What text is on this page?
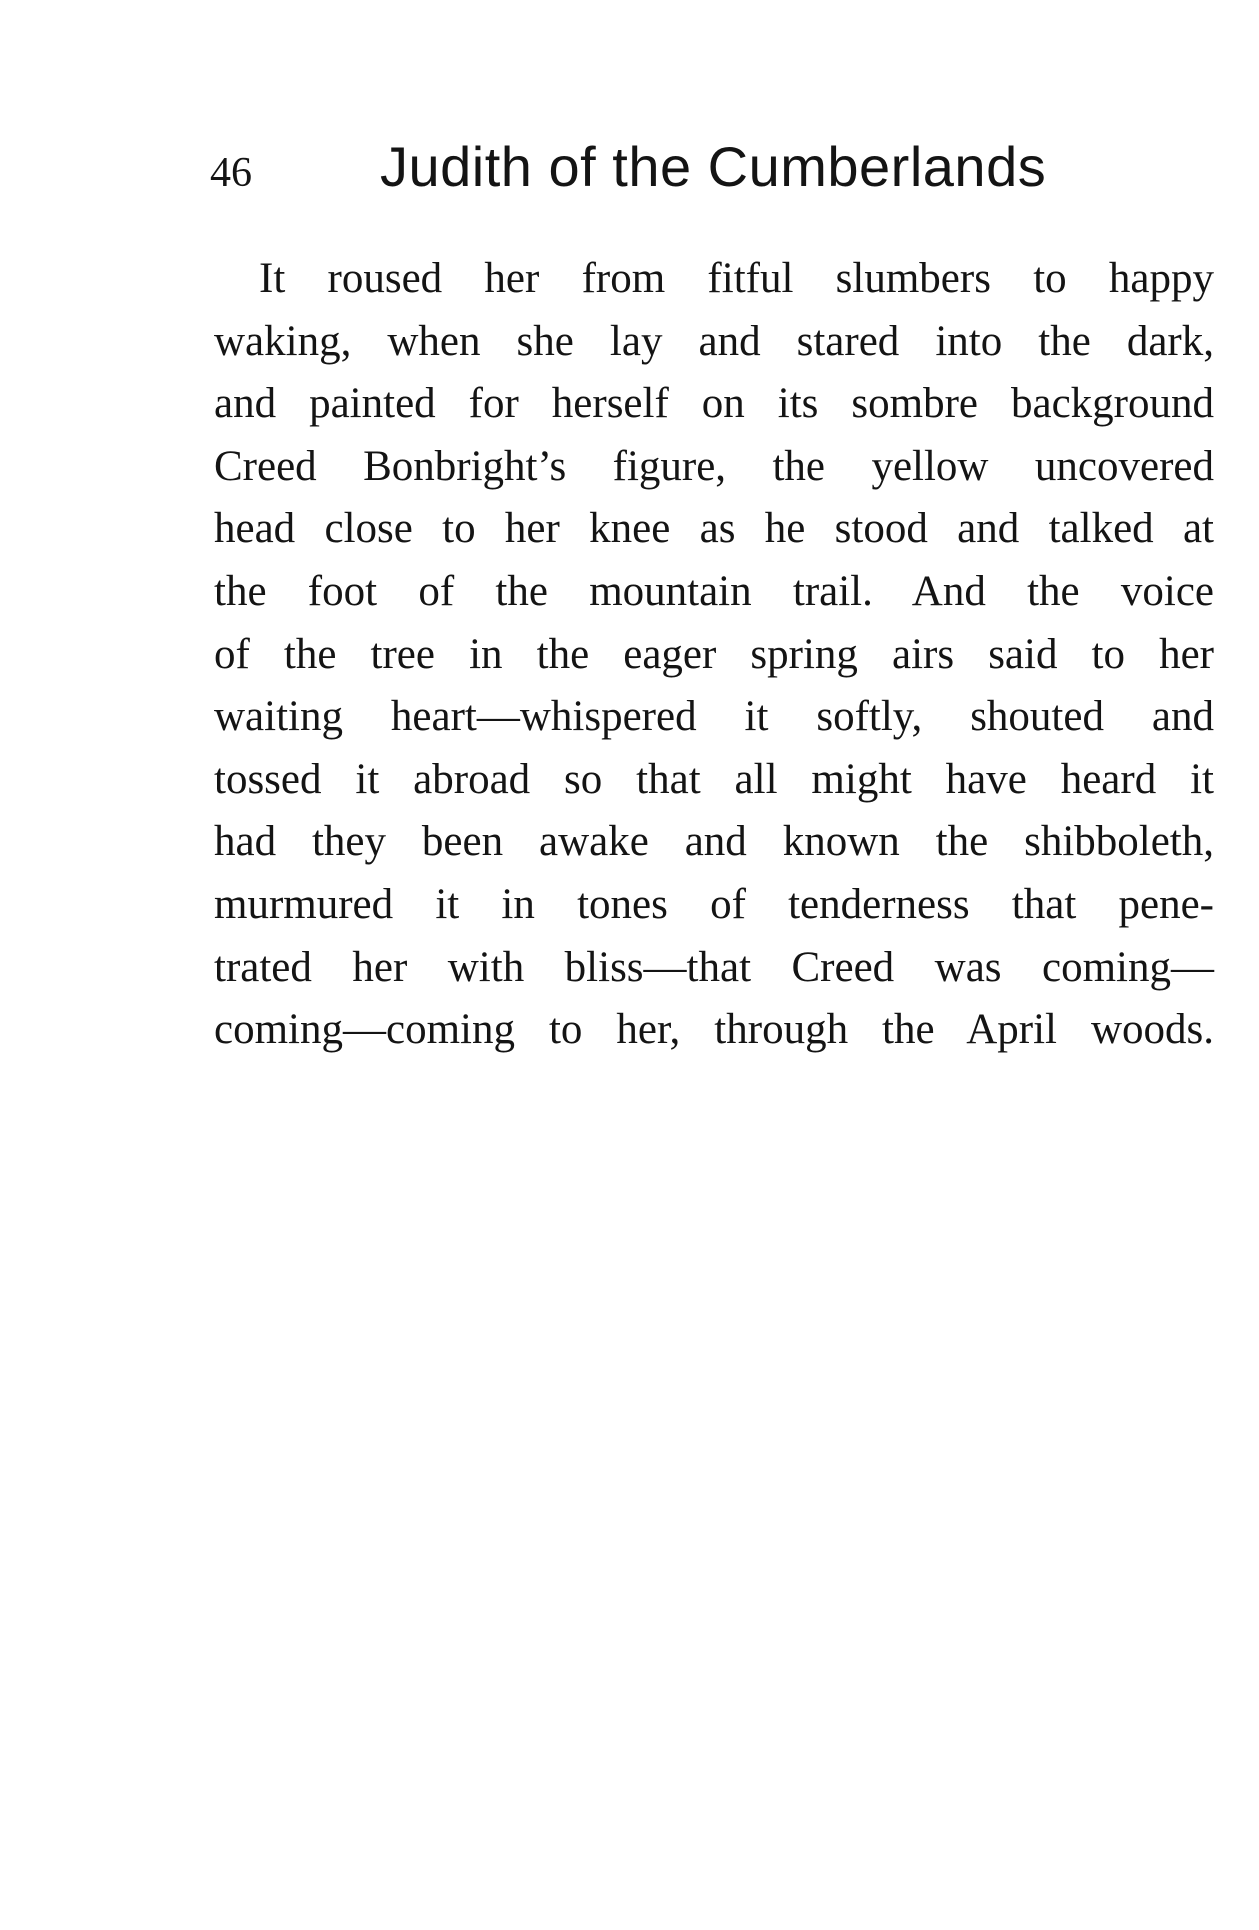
46 Judith of the Cumberlands
It roused her from fitful slumbers to happy
waking, when she lay and stared into the dark,
and painted for herself on its sombre background
Creed Bonbright’s figure, the yellow uncovered
head close to her knee as he stood and talked at
the foot of the mountain trail. And the voice
of the tree in the eager spring airs said to her
waiting heart—whispered it softly, shouted and
tossed it abroad so that all might have heard it
had they been awake and known the shibboleth,
murmured it in tones of tenderness that pene-
trated her with bliss—that Creed was coming—
coming—coming to her, through the April woods.
